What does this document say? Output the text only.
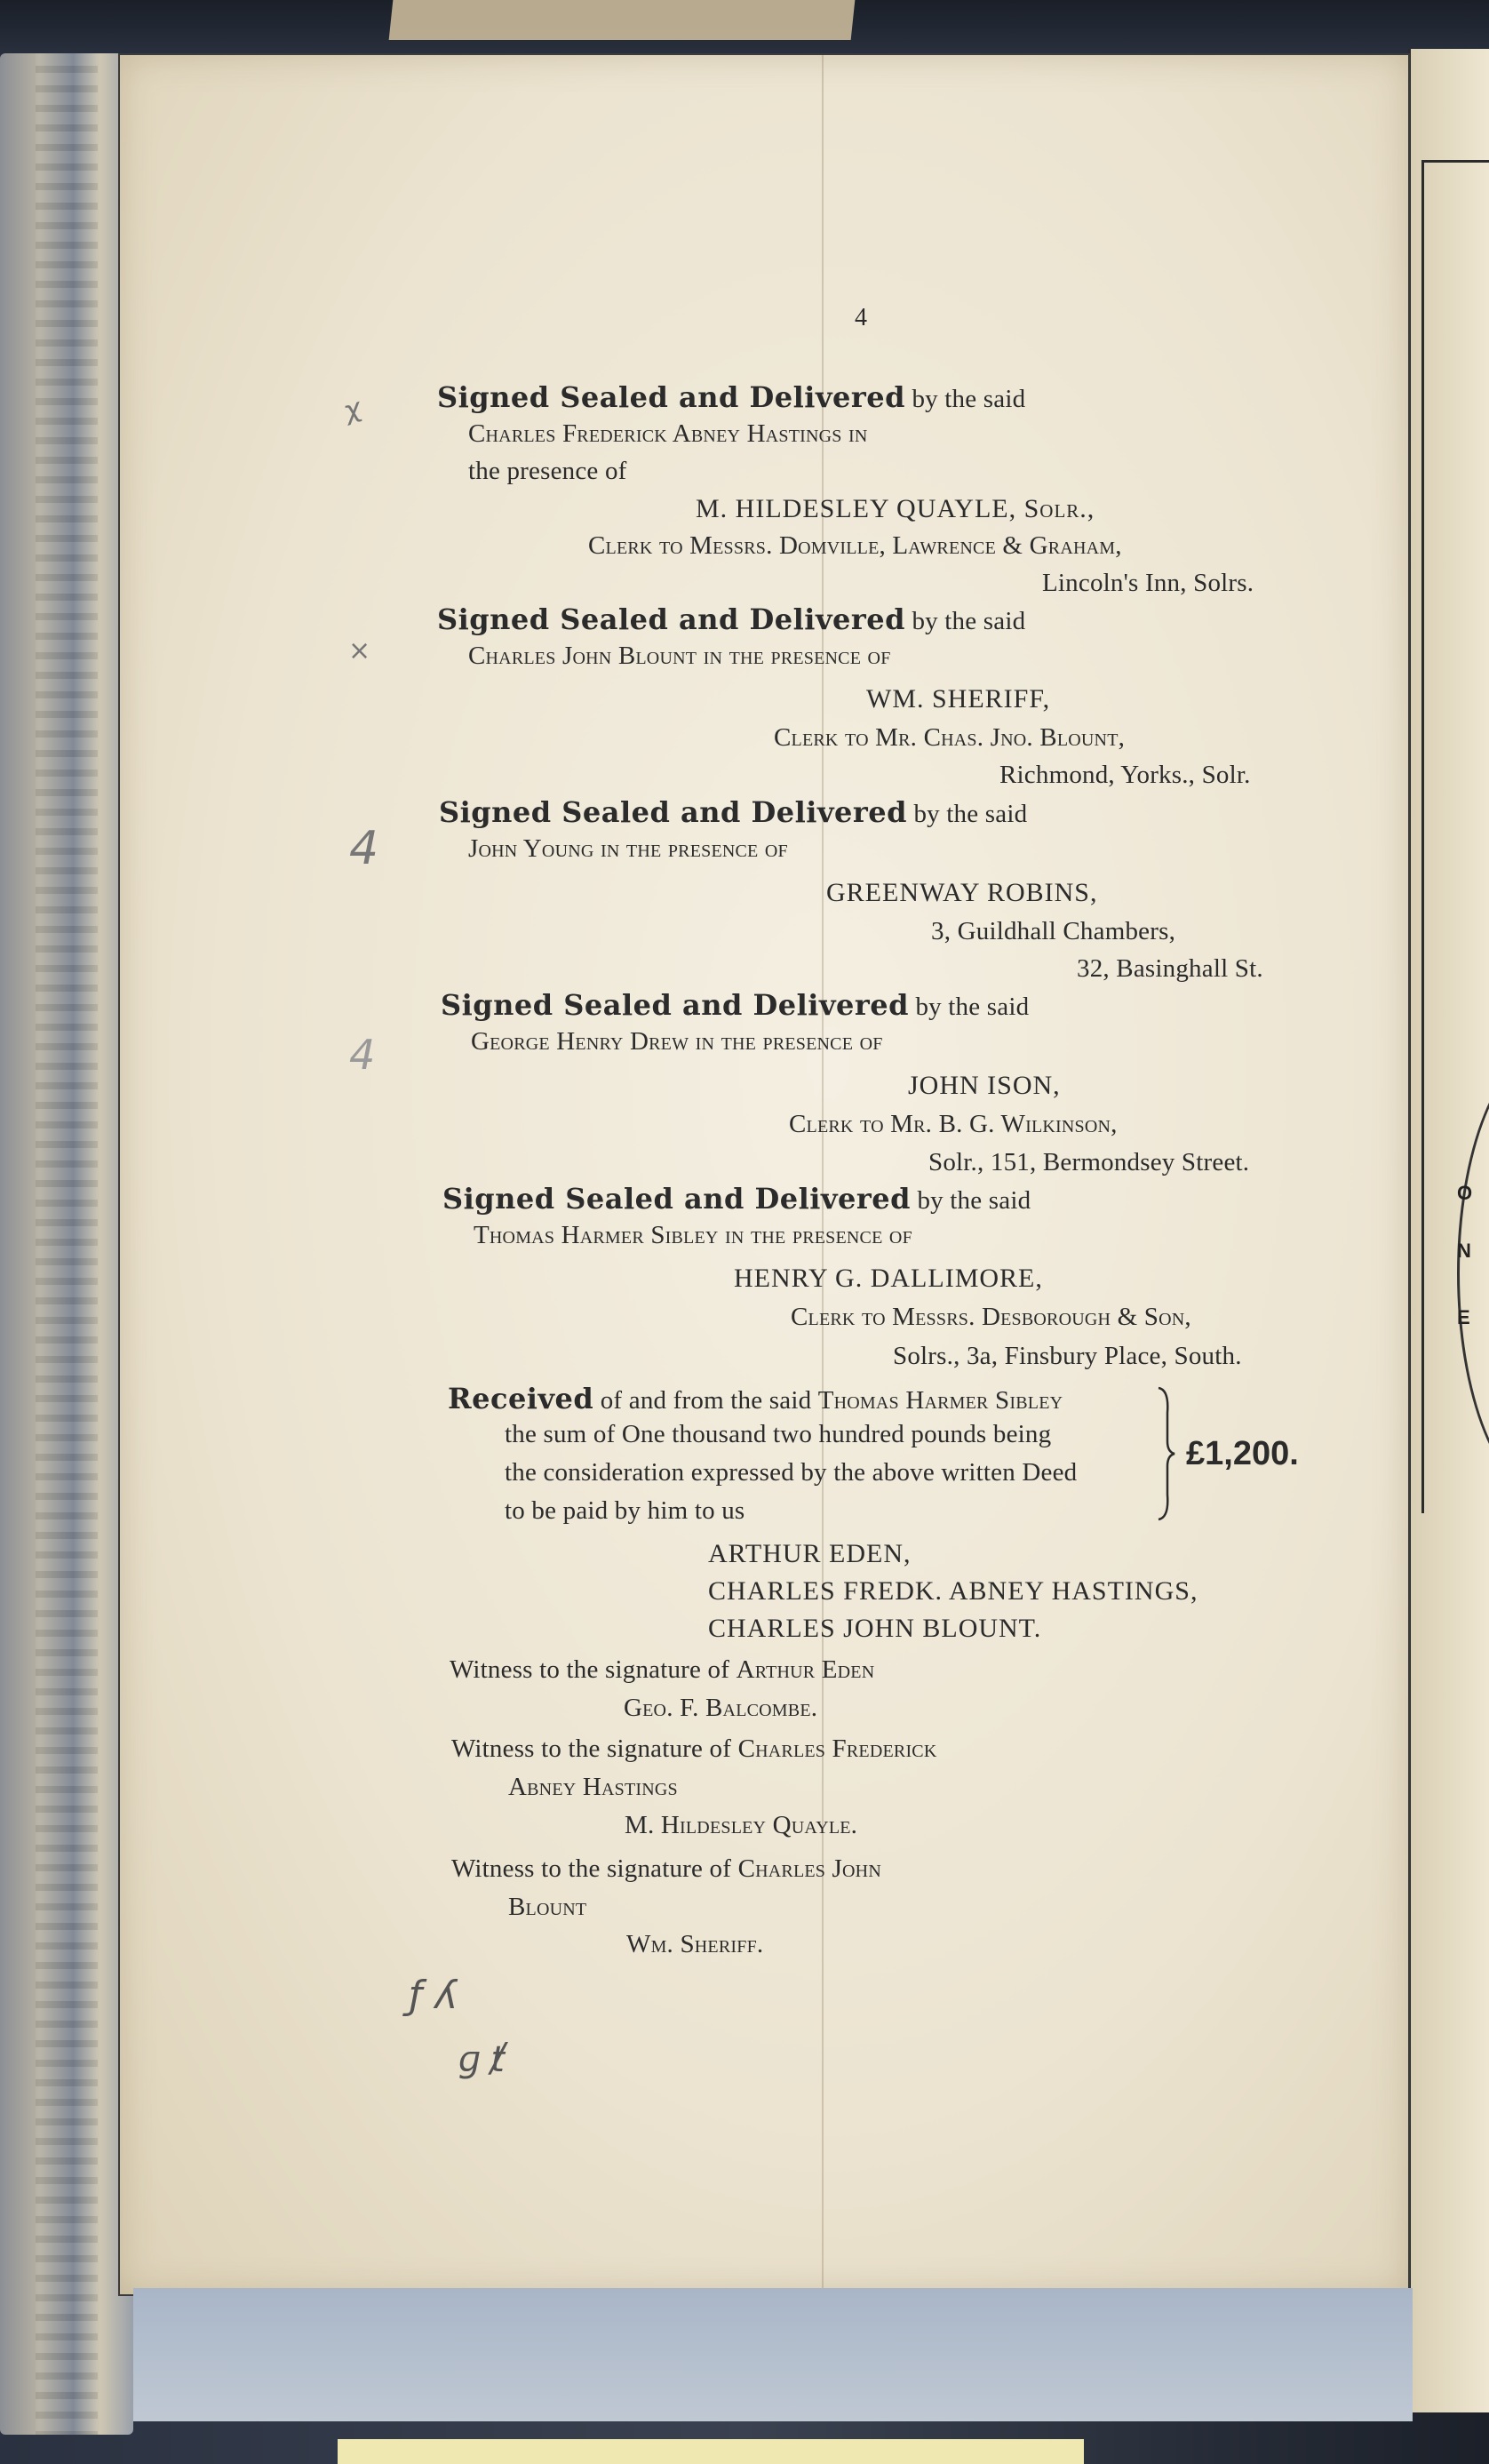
O
N
E
ᵡ
×
4
4
ƒ ʎ
ɡ ⱦ
4
Signed Sealed and Delivered by the said
Charles Frederick Abney Hastings in
the presence of
M. HILDESLEY QUAYLE, Solr.,
Clerk to Messrs. Domville, Lawrence & Graham,
Lincoln's Inn, Solrs.
Signed Sealed and Delivered by the said
Charles John Blount in the presence of
WM. SHERIFF,
Clerk to Mr. Chas. Jno. Blount,
Richmond, Yorks., Solr.
Signed Sealed and Delivered by the said
John Young in the presence of
GREENWAY ROBINS,
3, Guildhall Chambers,
32, Basinghall St.
Signed Sealed and Delivered by the said
George Henry Drew in the presence of
JOHN ISON,
Clerk to Mr. B. G. Wilkinson,
Solr., 151, Bermondsey Street.
Signed Sealed and Delivered by the said
Thomas Harmer Sibley in the presence of
HENRY G. DALLIMORE,
Clerk to Messrs. Desborough & Son,
Solrs., 3a, Finsbury Place, South.
Received of and from the said Thomas Harmer Sibley
the sum of One thousand two hundred pounds being
the consideration expressed by the above written Deed
to be paid by him to us
£1,200.
ARTHUR EDEN,
CHARLES FREDK. ABNEY HASTINGS,
CHARLES JOHN BLOUNT.
Witness to the signature of Arthur Eden
Geo. F. Balcombe.
Witness to the signature of Charles Frederick
Abney Hastings
M. Hildesley Quayle.
Witness to the signature of Charles John
Blount
Wm. Sheriff.
